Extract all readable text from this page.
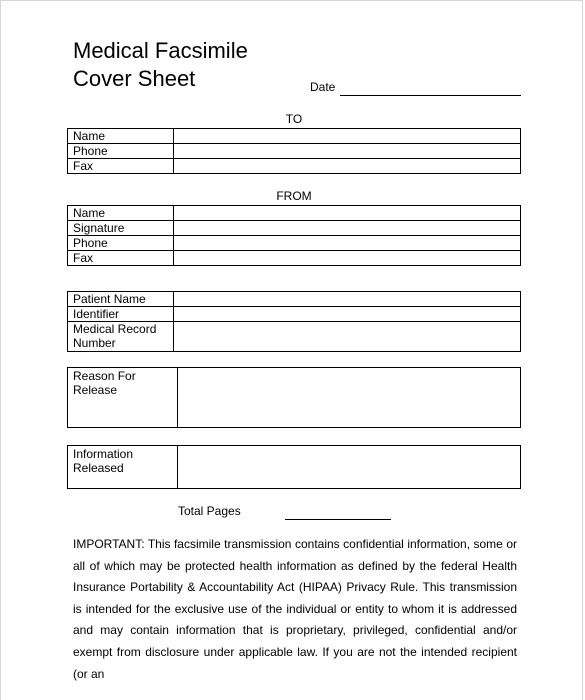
Medical Facsimile
Cover Sheet	Date
TO
Name	
Phone	
Fax	
FROM
Name	
Signature	
Phone	
Fax	
Patient Name	
Identifier	
Medical Record Number	
Reason For Release	
Information Released	
Total Pages
IMPORTANT: This facsimile transmission contains confidential information, some or all of which may be protected health information as defined by the federal Health Insurance Portability & Accountability Act (HIPAA) Privacy Rule. This transmission is intended for the exclusive use of the individual or entity to whom it is addressed and may contain information that is proprietary, privileged, confidential and/or exempt from disclosure under applicable law. If you are not the intended recipient (or an
